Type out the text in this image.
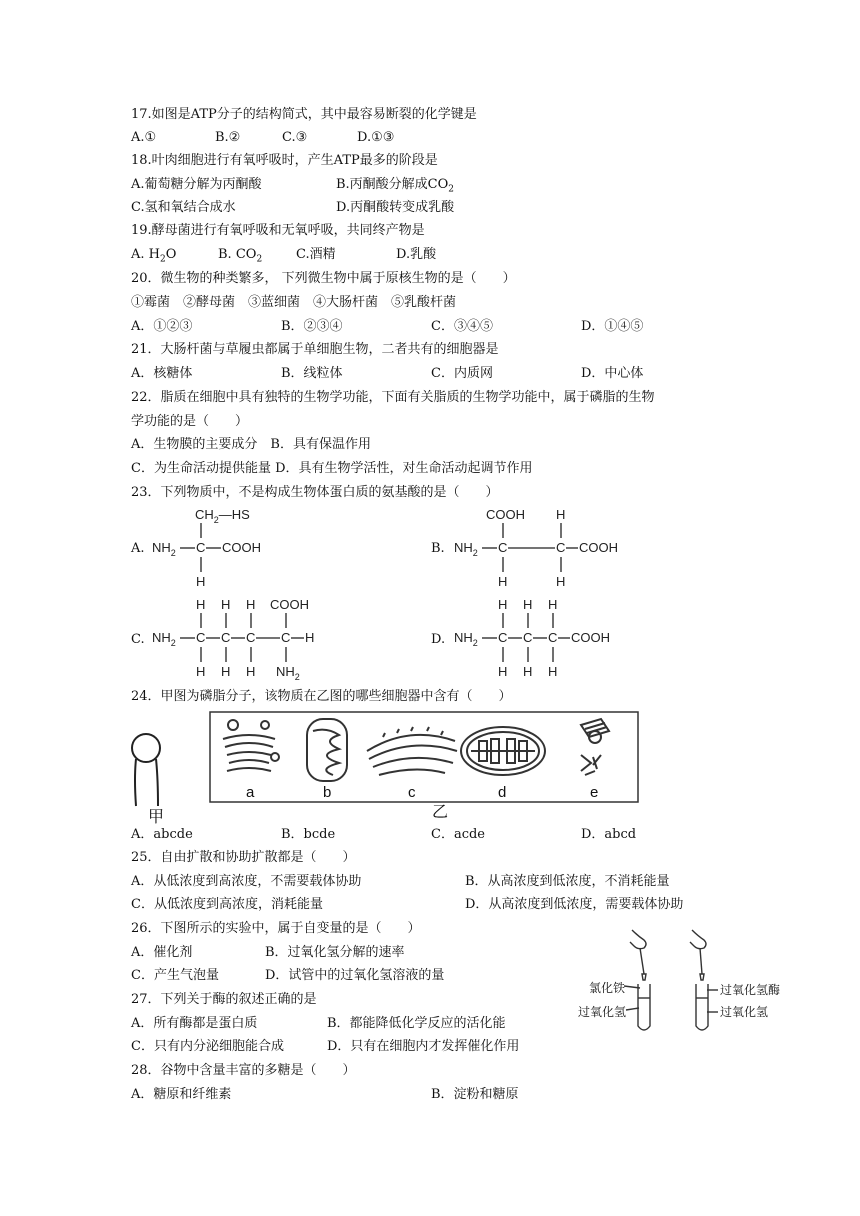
17.如图是ATP分子的结构简式，其中最容易断裂的化学键是
A.①	B.②	C.③	D.①③
18.叶肉细胞进行有氧呼吸时，产生ATP最多的阶段是
A.葡萄糖分解为丙酮酸	B.丙酮酸分解成$CO_2$
C.氢和氧结合成水	D.丙酮酸转变成乳酸
19.酵母菌进行有氧呼吸和无氧呼吸，共同终产物是
A. $H_2O$	B. $CO_2$	C.酒精	D.乳酸
20．微生物的种类繁多， 下列微生物中属于原核生物的是（　　）
①霉菌　②酵母菌　③蓝细菌　④大肠杆菌　⑤乳酸杆菌
A．①②③	B．②③④	C．③④⑤	D．①④⑤
21．大肠杆菌与草履虫都属于单细胞生物，二者共有的细胞器是
A．核糖体	B．线粒体	C．内质网	D．中心体
22．脂质在细胞中具有独特的生物学功能，下面有关脂质的生物学功能中，属于磷脂的生物
学功能的是（　　）
A．生物膜的主要成分　B．具有保温作用
C．为生命活动提供能量 D．具有生物学活性，对生命活动起调节作用
23．下列物质中，不是构成生物体蛋白质的氨基酸的是（　　）
A.	B.
C.	D.
$CH_2—HS$
$NH_2$ C COOH
H
COOH H
$NH_2$ C	C COOH
H	H
H H H COOH
$NH_2$ C C C C H
H H H $NH_2$
H H H
$NH_2$ C C C COOH
H H H
24．甲图为磷脂分子，该物质在乙图的哪些细胞器中含有（　　）
甲
a	b	c	d	e
乙
A．abcde	B．bcde	C．acde	D．abcd
25．自由扩散和协助扩散都是（　　）
A．从低浓度到高浓度，不需要载体协助	B．从高浓度到低浓度，不消耗能量
C．从低浓度到高浓度，消耗能量	D．从高浓度到低浓度，需要载体协助
26．下图所示的实验中，属于自变量的是（　　）
A．催化剂	B．过氧化氢分解的速率
C．产生气泡量	D．试管中的过氧化氢溶液的量
氯化铁
过氧化氢
过氧化氢酶
过氧化氢
27．下列关于酶的叙述正确的是
A．所有酶都是蛋白质	B．都能降低化学反应的活化能
C．只有内分泌细胞能合成	D．只有在细胞内才发挥催化作用
28．谷物中含量丰富的多糖是（　　）
A．糖原和纤维素	B．淀粉和糖原
